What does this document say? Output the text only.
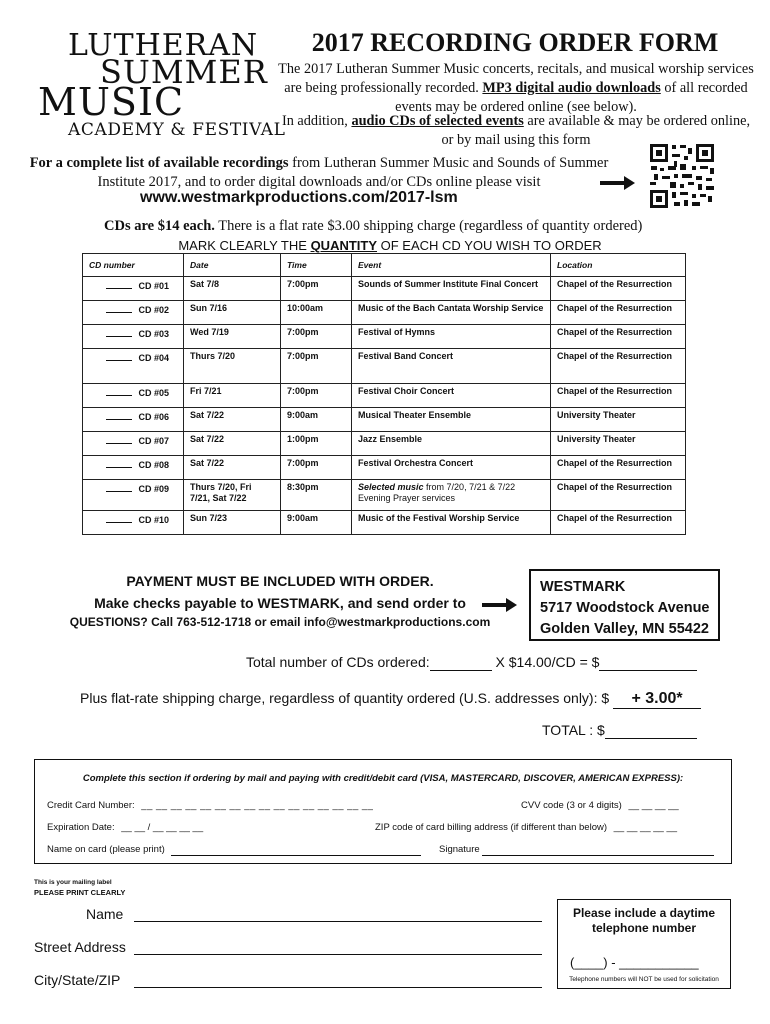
LUTHERAN
SUMMER
MUSIC
ACADEMY & FESTIVAL
2017 RECORDING ORDER FORM
The 2017 Lutheran Summer Music concerts, recitals, and musical worship services are being professionally recorded. MP3 digital audio downloads of all recorded events may be ordered online (see below).
In addition, audio CDs of selected events are available & may be ordered online, or by mail using this form
For a complete list of available recordings from Lutheran Summer Music and Sounds of Summer Institute 2017, and to order digital downloads and/or CDs online please visit
www.westmarkproductions.com/2017-lsm
CDs are $14 each. There is a flat rate $3.00 shipping charge (regardless of quantity ordered)
MARK CLEARLY THE QUANTITY OF EACH CD YOU WISH TO ORDER
CD number	Date	Time	Event	Location
CD #01	Sat 7/8	7:00pm	Sounds of Summer Institute Final Concert	Chapel of the Resurrection
CD #02	Sun 7/16	10:00am	Music of the Bach Cantata Worship Service	Chapel of the Resurrection
CD #03	Wed 7/19	7:00pm	Festival of Hymns	Chapel of the Resurrection
CD #04	Thurs 7/20	7:00pm	Festival Band Concert	Chapel of the Resurrection
CD #05	Fri 7/21	7:00pm	Festival Choir Concert	Chapel of the Resurrection
CD #06	Sat 7/22	9:00am	Musical Theater Ensemble	University Theater
CD #07	Sat 7/22	1:00pm	Jazz Ensemble	University Theater
CD #08	Sat 7/22	7:00pm	Festival Orchestra Concert	Chapel of the Resurrection
CD #09	Thurs 7/20, Fri 7/21, Sat 7/22	8:30pm	Selected music from 7/20, 7/21 & 7/22 Evening Prayer services	Chapel of the Resurrection
CD #10	Sun 7/23	9:00am	Music of the Festival Worship Service	Chapel of the Resurrection
PAYMENT MUST BE INCLUDED WITH ORDER.
Make checks payable to WESTMARK, and send order to
QUESTIONS? Call 763-512-1718 or email info@westmarkproductions.com
WESTMARK
5717 Woodstock Avenue
Golden Valley, MN 55422
Total number of CDs ordered:	X $14.00/CD = $
Plus flat-rate shipping charge, regardless of quantity ordered (U.S. addresses only): $ + 3.00*
TOTAL : $
Complete this section if ordering by mail and paying with credit/debit card (VISA, MASTERCARD, DISCOVER, AMERICAN EXPRESS):
Credit Card Number: __ __ __ __ __ __ __ __ __ __ __ __ __ __ __ __	CVV code (3 or 4 digits) __ __ __ __
Expiration Date: __ __ / __ __ __ __	ZIP code of card billing address (if different than below) __ __ __ __ __
Name on card (please print)	Signature
This is your mailing label
PLEASE PRINT CLEARLY
Name
Street Address
City/State/ZIP
Please include a daytime telephone number
(____) - ___________
Telephone numbers will NOT be used for solicitation
